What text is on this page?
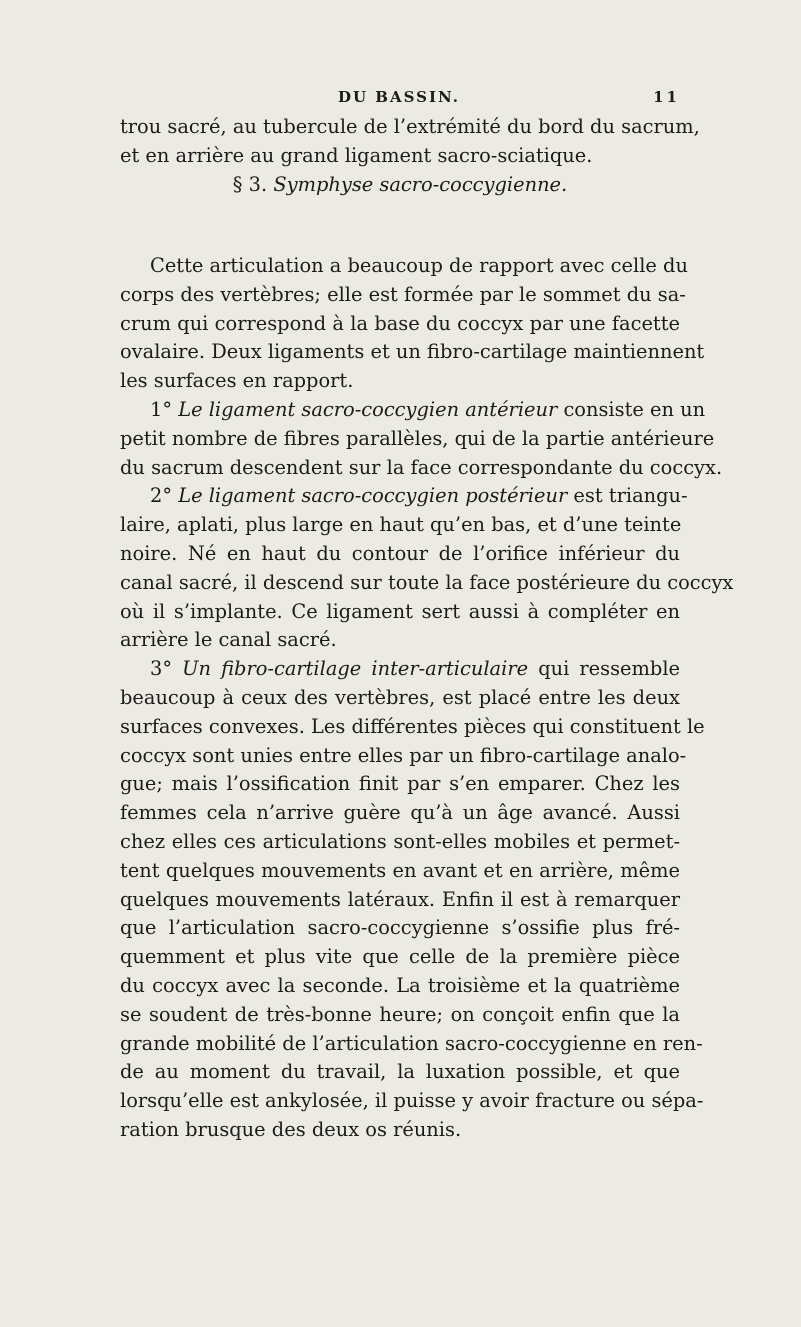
DU BASSIN.	11

trou sacré, au tubercule de l’extrémité du bord du sacrum,

et en arrière au grand ligament sacro-sciatique.

§ 3. Symphyse sacro-coccygienne.

Cette articulation a beaucoup de rapport avec celle du

corps des vertèbres; elle est formée par le sommet du sa-

crum qui correspond à la base du coccyx par une facette

ovalaire. Deux ligaments et un fibro-cartilage maintiennent

les surfaces en rapport.

1° Le ligament sacro-coccygien antérieur consiste en un

petit nombre de fibres parallèles, qui de la partie antérieure

du sacrum descendent sur la face correspondante du coccyx.

2° Le ligament sacro-coccygien postérieur est triangu-

laire, aplati, plus large en haut qu’en bas, et d’une teinte

noire. Né en haut du contour de l’orifice inférieur du

canal sacré, il descend sur toute la face postérieure du coccyx

où il s’implante. Ce ligament sert aussi à compléter en

arrière le canal sacré.

3° Un fibro-cartilage inter-articulaire qui ressemble

beaucoup à ceux des vertèbres, est placé entre les deux

surfaces convexes. Les différentes pièces qui constituent le

coccyx sont unies entre elles par un fibro-cartilage analo-

gue; mais l’ossification finit par s’en emparer. Chez les

femmes cela n’arrive guère qu’à un âge avancé. Aussi

chez elles ces articulations sont-elles mobiles et permet-

tent quelques mouvements en avant et en arrière, même

quelques mouvements latéraux. Enfin il est à remarquer

que l’articulation sacro-coccygienne s’ossifie plus fré-

quemment et plus vite que celle de la première pièce

du coccyx avec la seconde. La troisième et la quatrième

se soudent de très-bonne heure; on conçoit enfin que la

grande mobilité de l’articulation sacro-coccygienne en ren-

de au moment du travail, la luxation possible, et que

lorsqu’elle est ankylosée, il puisse y avoir fracture ou sépa-

ration brusque des deux os réunis.
